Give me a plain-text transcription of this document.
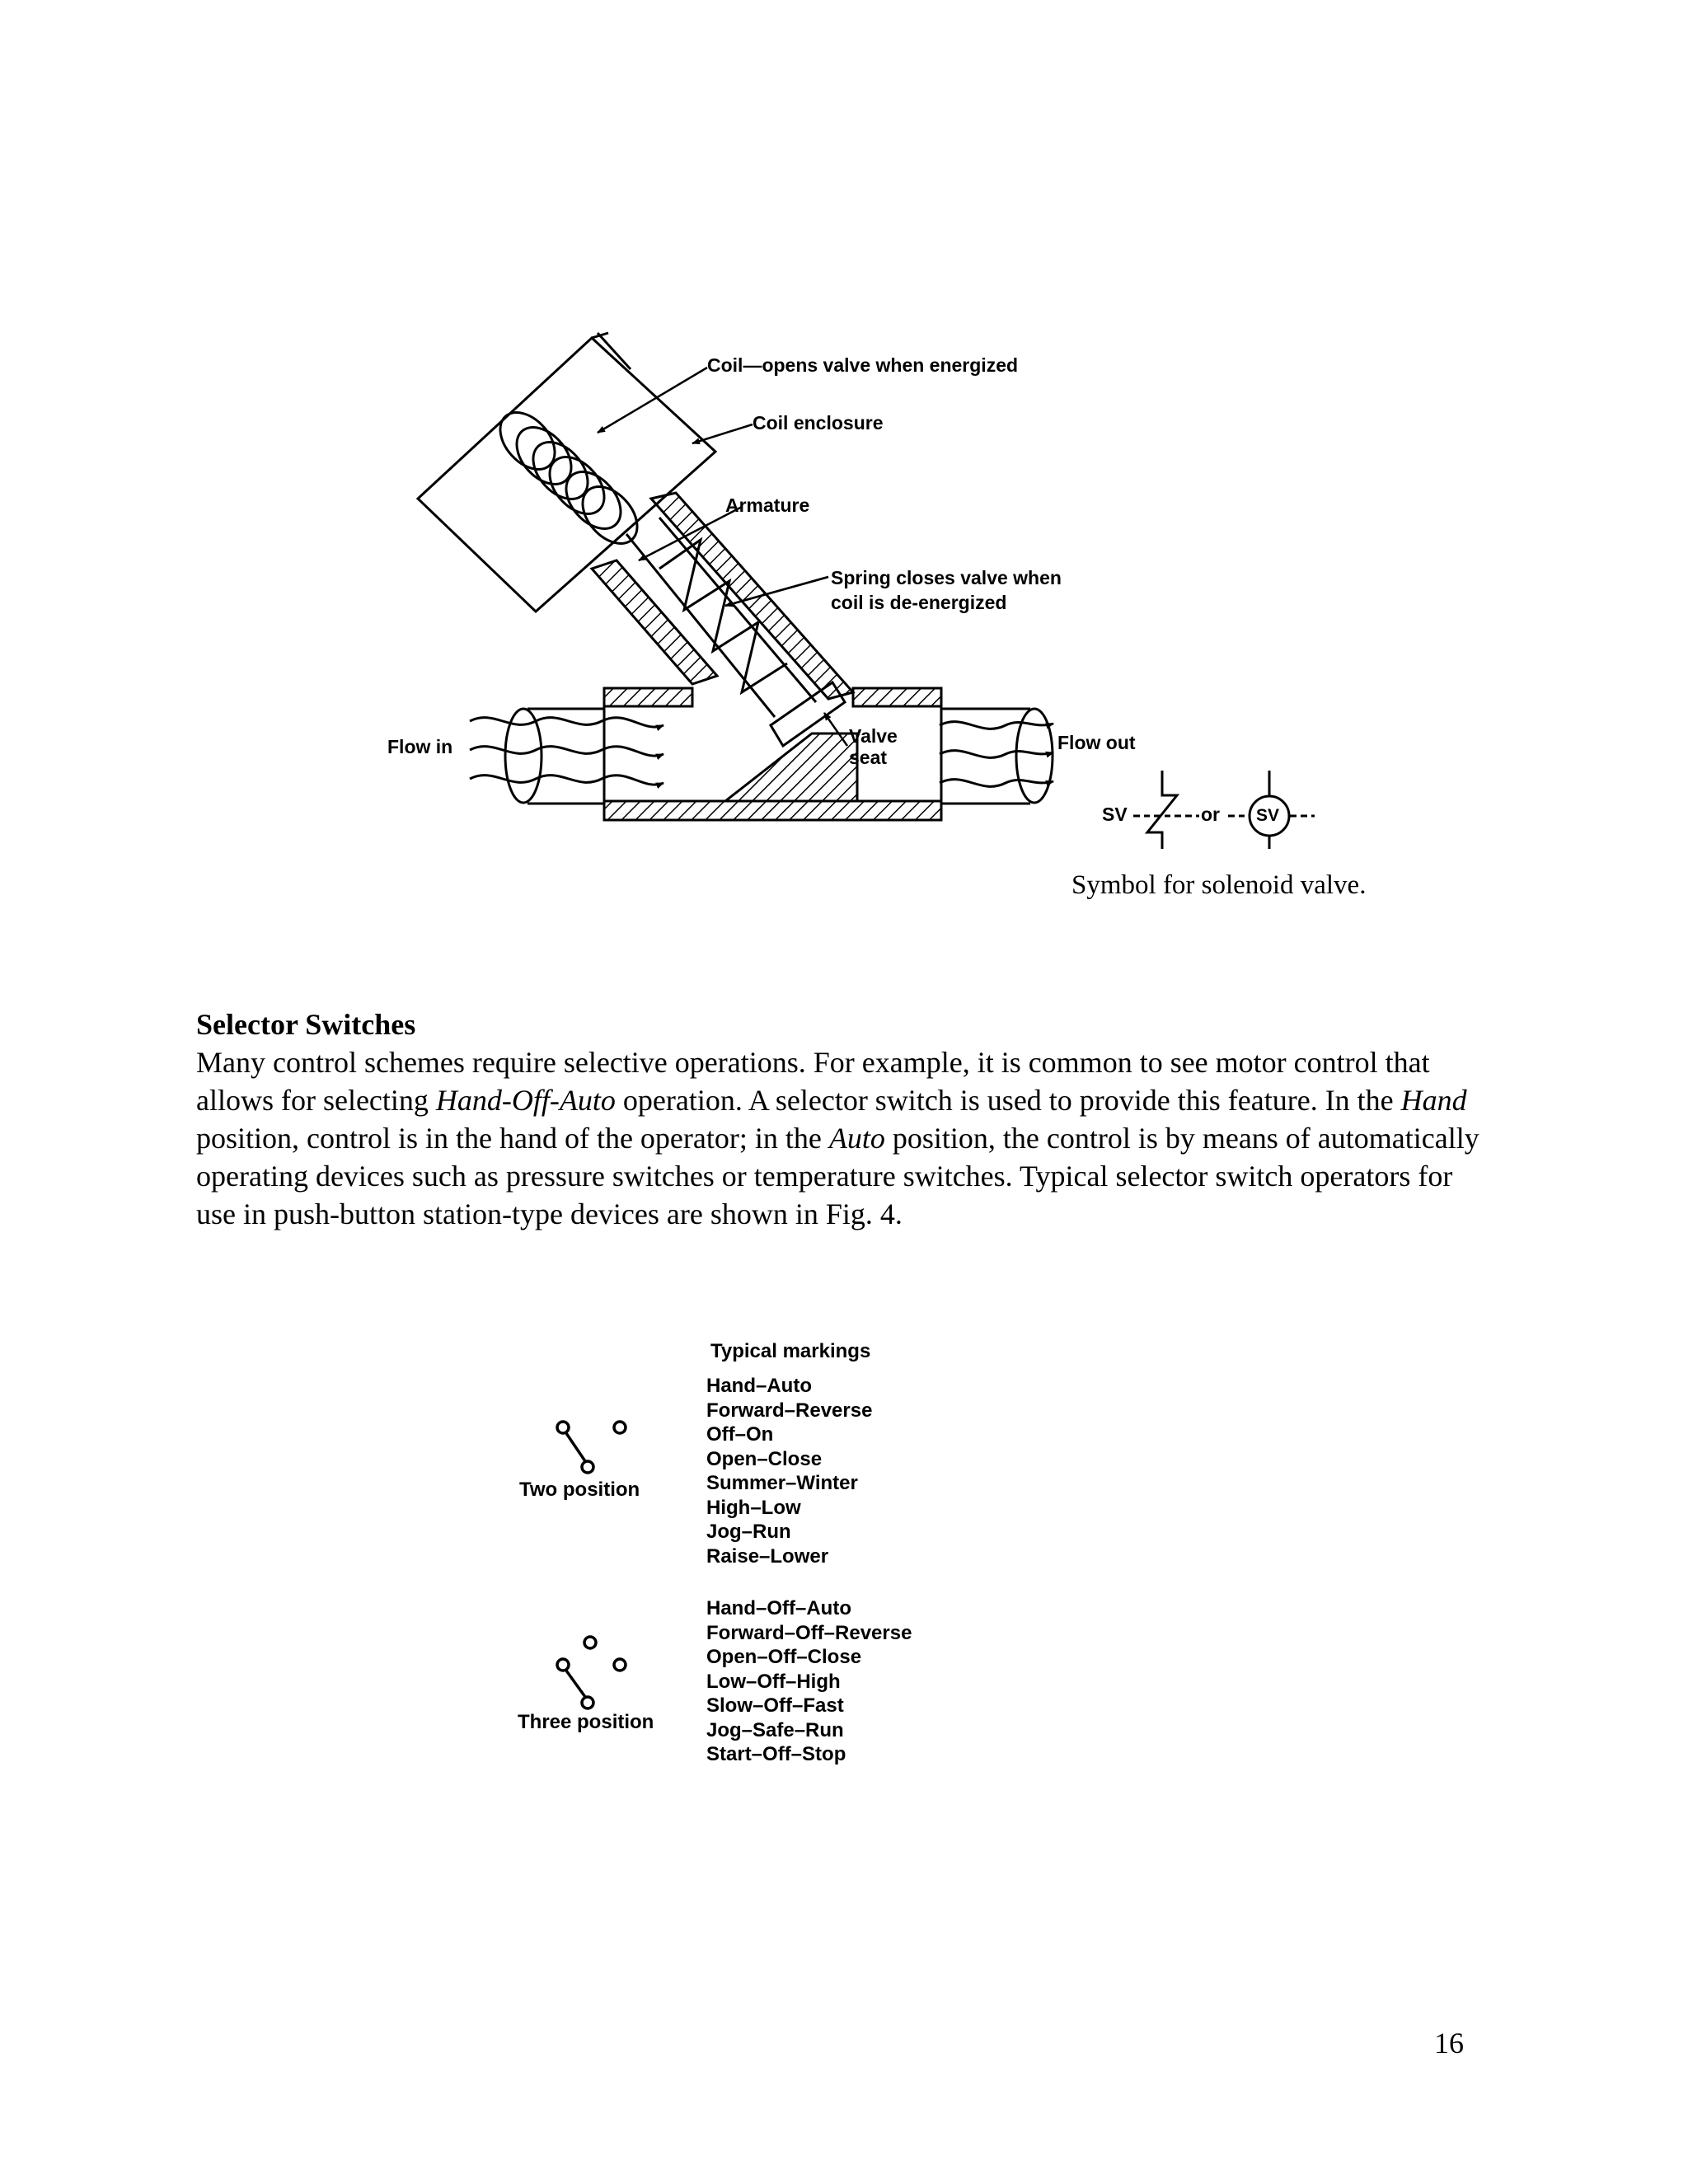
Coil—opens valve when energized
Coil enclosure
Armature
Spring closes valve when
coil is de-energized
Flow in	Flow out
Valve
seat
SV	or SV
Symbol for solenoid valve.
Selector Switches

Many control schemes require selective operations. For example, it is common to see motor control that allows for selecting Hand-Off-Auto operation. A selector switch is used to provide this feature. In the Hand position, control is in the hand of the operator; in the Auto position, the control is by means of automatically operating devices such as pressure switches or temperature switches. Typical selector switch operators for use in push-button station-type devices are shown in Fig. 4.

Two position
Three position
Typical markings
Hand–Auto
Forward–Reverse
Off–On
Open–Close
Summer–Winter
High–Low
Jog–Run
Raise–Lower
Hand–Off–Auto
Forward–Off–Reverse
Open–Off–Close
Low–Off–High
Slow–Off–Fast
Jog–Safe–Run
Start–Off–Stop
16
